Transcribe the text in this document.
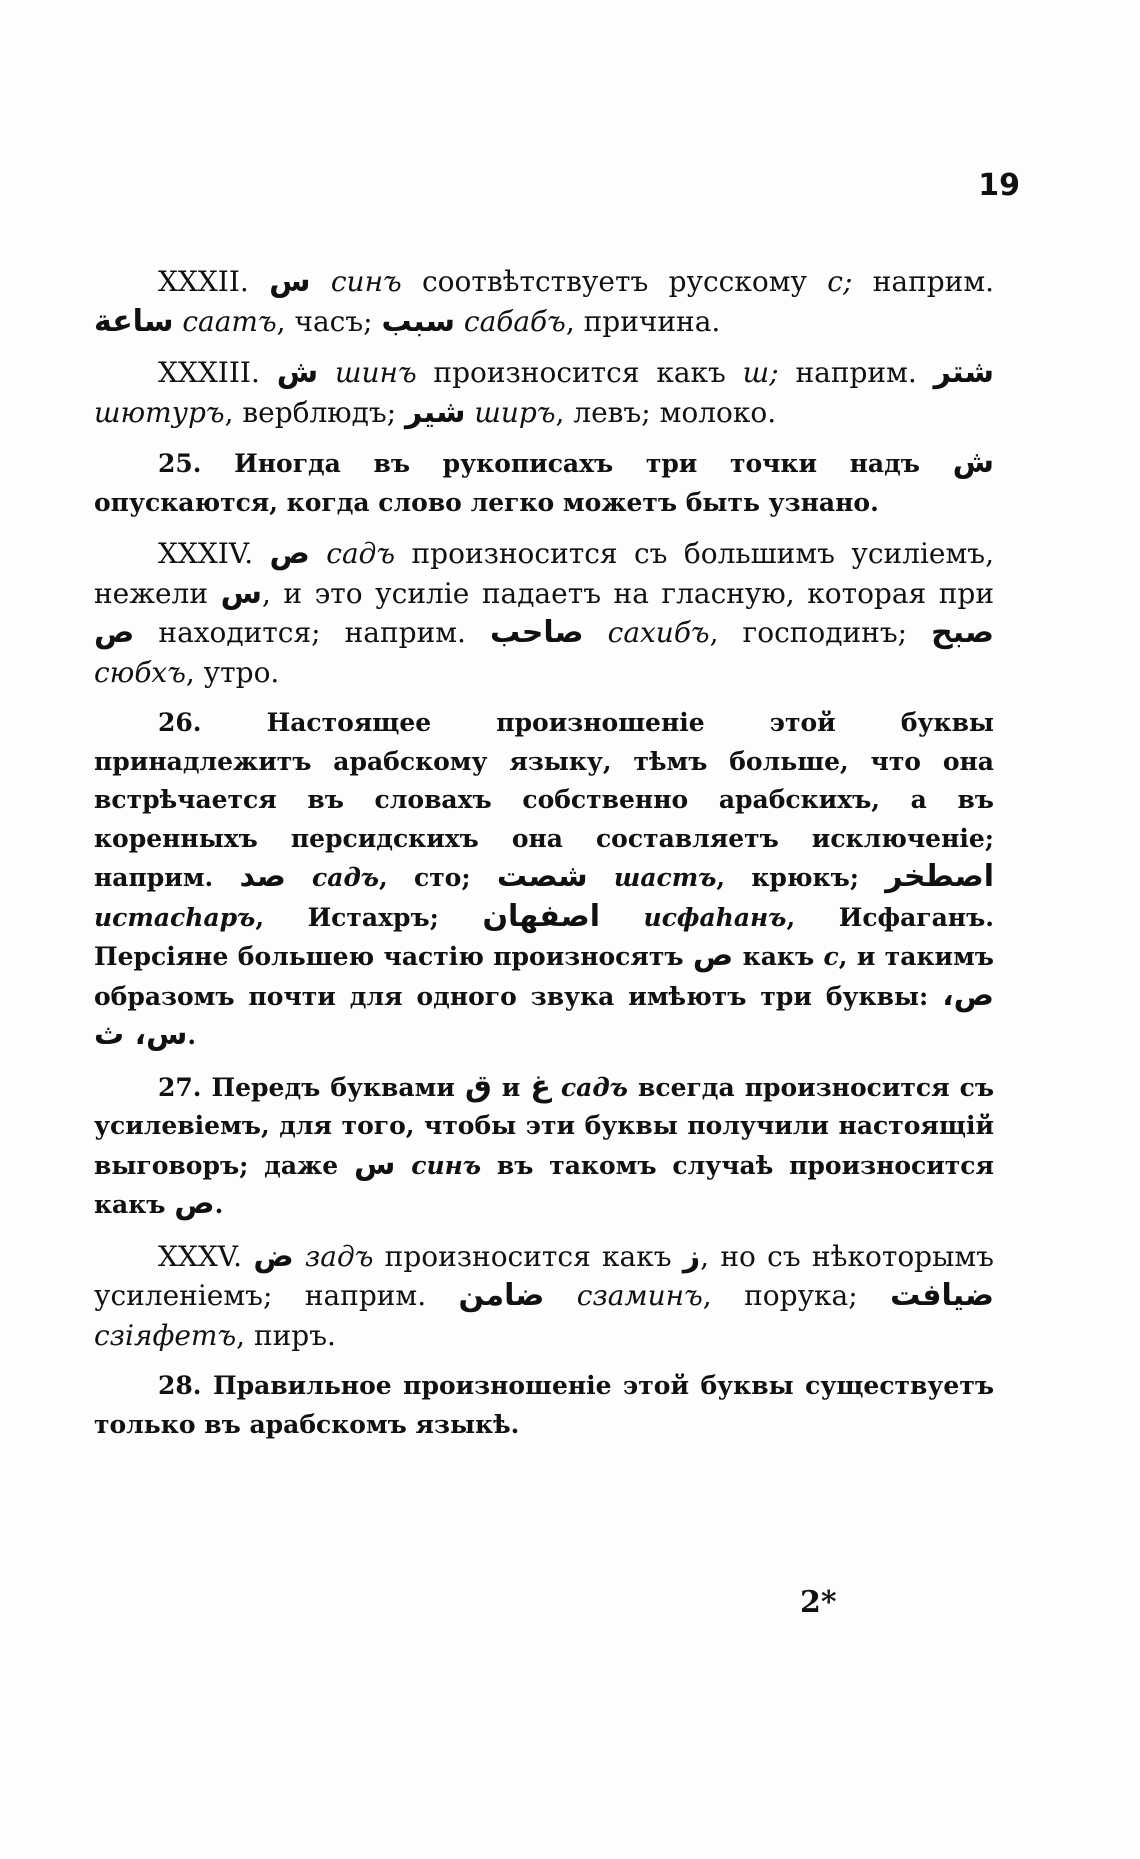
19

XXXII. س синъ соотвѣтствуетъ русскому с; наприм. ساعة саатъ, часъ; سبب сабабъ, причина.

XXXIII. ش шинъ произносится какъ ш; наприм. شتر шютуръ, верблюдъ; شير ширъ, левъ; молоко.

25. Иногда въ рукописахъ три точки надъ ش опускаются, когда слово легко можетъ быть узнано.

XXXIV. ص садъ произносится съ большимъ усиліемъ, нежели س, и это усиліе падаетъ на гласную, которая при ص находится; наприм. صاحب сахибъ, господинъ; صبح сюбхъ, утро.

26. Настоящее произношеніе этой буквы принадлежитъ арабскому языку, тѣмъ больше, что она встрѣчается въ словахъ собственно арабскихъ, а въ коренныхъ персидскихъ она составляетъ исключеніе; наприм. صد садъ, сто; شصت шастъ, крюкъ; اصطخر истасһаръ, Истахръ; اصفهان исфаһанъ, Исфаганъ. Персіяне большею частію произносятъ ص какъ с, и такимъ образомъ почти для одного звука имѣютъ три буквы: ص، س، ث.

27. Передъ буквами ق и غ садъ всегда произносится съ усилевіемъ, для того, чтобы эти буквы получили настоящій выговоръ; даже س синъ въ такомъ случаѣ произносится какъ ص.

XXXV. ض задъ произносится какъ ز, но съ нѣкоторымъ усиленіемъ; наприм. ضامن сзаминъ, порука; ضيافت сзіяфетъ, пиръ.

28. Правильное произношеніе этой буквы существуетъ только въ арабскомъ языкѣ.

2*
